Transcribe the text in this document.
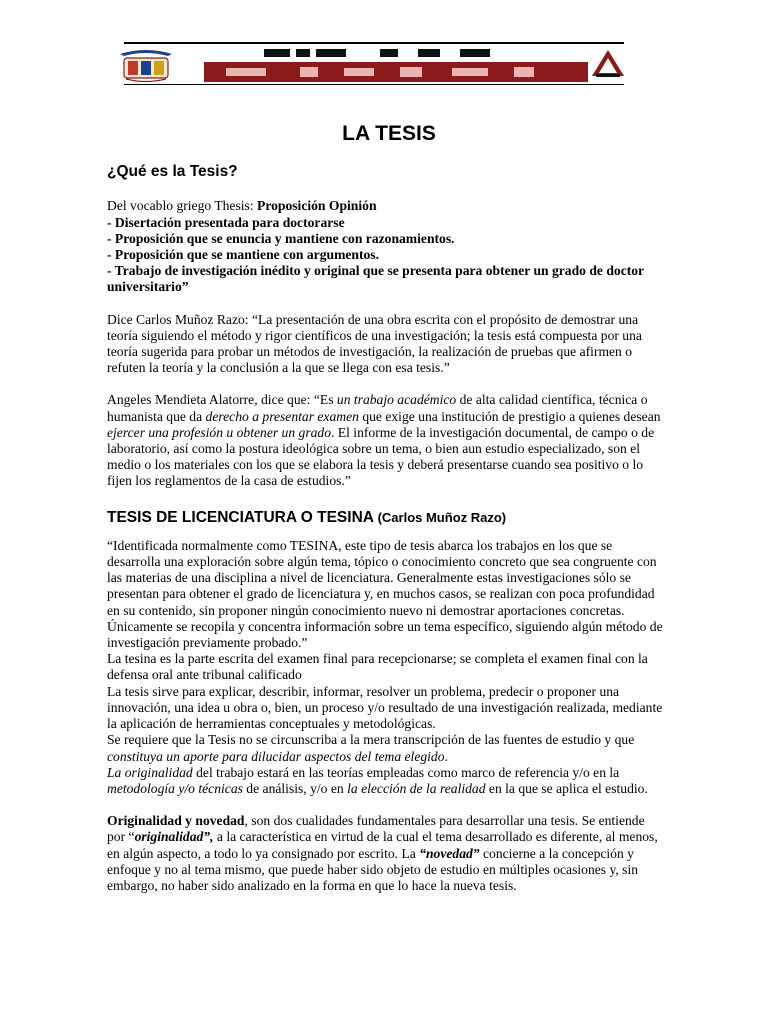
LA TESIS
¿Qué es la Tesis?

Del vocablo griego Thesis: Proposición Opinión

- Disertación presentada para doctorarse

- Proposición que se enuncia y mantiene con razonamientos.

- Proposición que se mantiene con argumentos.

- Trabajo de investigación inédito y original que se presenta para obtener un grado de doctor universitario”

Dice Carlos Muñoz Razo: “La presentación de una obra escrita con el propósito de demostrar una teoría siguiendo el método y rigor científicos de una investigación; la tesis está compuesta por una teoría sugerida para probar un métodos de investigación, la realización de pruebas que afirmen o refuten la teoría y la conclusión a la que se llega con esa tesis.”

Angeles Mendieta Alatorre, dice que: “Es un trabajo académico de alta calidad científica, técnica o humanista que da derecho a presentar examen que exige una institución de prestigio a quienes desean ejercer una profesión u obtener un grado. El informe de la investigación documental, de campo o de laboratorio, así como la postura ideológica sobre un tema, o bien aun estudio especializado, son el medio o los materiales con los que se elabora la tesis y deberá presentarse cuando sea positivo o lo fijen los reglamentos de la casa de estudios.”

TESIS DE LICENCIATURA O TESINA (Carlos Muñoz Razo)

“Identificada normalmente como TESINA, este tipo de tesis abarca los trabajos en los que se desarrolla una exploración sobre algún tema, tópico o conocimiento concreto que sea congruente con las materias de una disciplina a nivel de licenciatura. Generalmente estas investigaciones sólo se presentan para obtener el grado de licenciatura y, en muchos casos, se realizan con poca profundidad en su contenido, sin proponer ningún conocimiento nuevo ni demostrar aportaciones concretas. Únicamente se recopila y concentra información sobre un tema específico, siguiendo algún método de investigación previamente probado.”

La tesina es la parte escrita del examen final para recepcionarse; se completa el examen final con la defensa oral ante tribunal calificado

La tesis sirve para explicar, describir, informar, resolver un problema, predecir o proponer una innovación, una idea u obra o, bien, un proceso y/o resultado de una investigación realizada, mediante la aplicación de herramientas conceptuales y metodológicas.

Se requiere que la Tesis no se circunscriba a la mera transcripción de las fuentes de estudio y que constituya un aporte para dilucidar aspectos del tema elegido.

La originalidad del trabajo estará en las teorías empleadas como marco de referencia y/o en la metodología y/o técnicas de análisis, y/o en la elección de la realidad en la que se aplica el estudio.

Originalidad y novedad, son dos cualidades fundamentales para desarrollar una tesis. Se entiende por “originalidad”, a la característica en virtud de la cual el tema desarrollado es diferente, al menos, en algún aspecto, a todo lo ya consignado por escrito. La “novedad” concierne a la concepción y enfoque y no al tema mismo, que puede haber sido objeto de estudio en múltiples ocasiones y, sin embargo, no haber sido analizado en la forma en que lo hace la nueva tesis.
